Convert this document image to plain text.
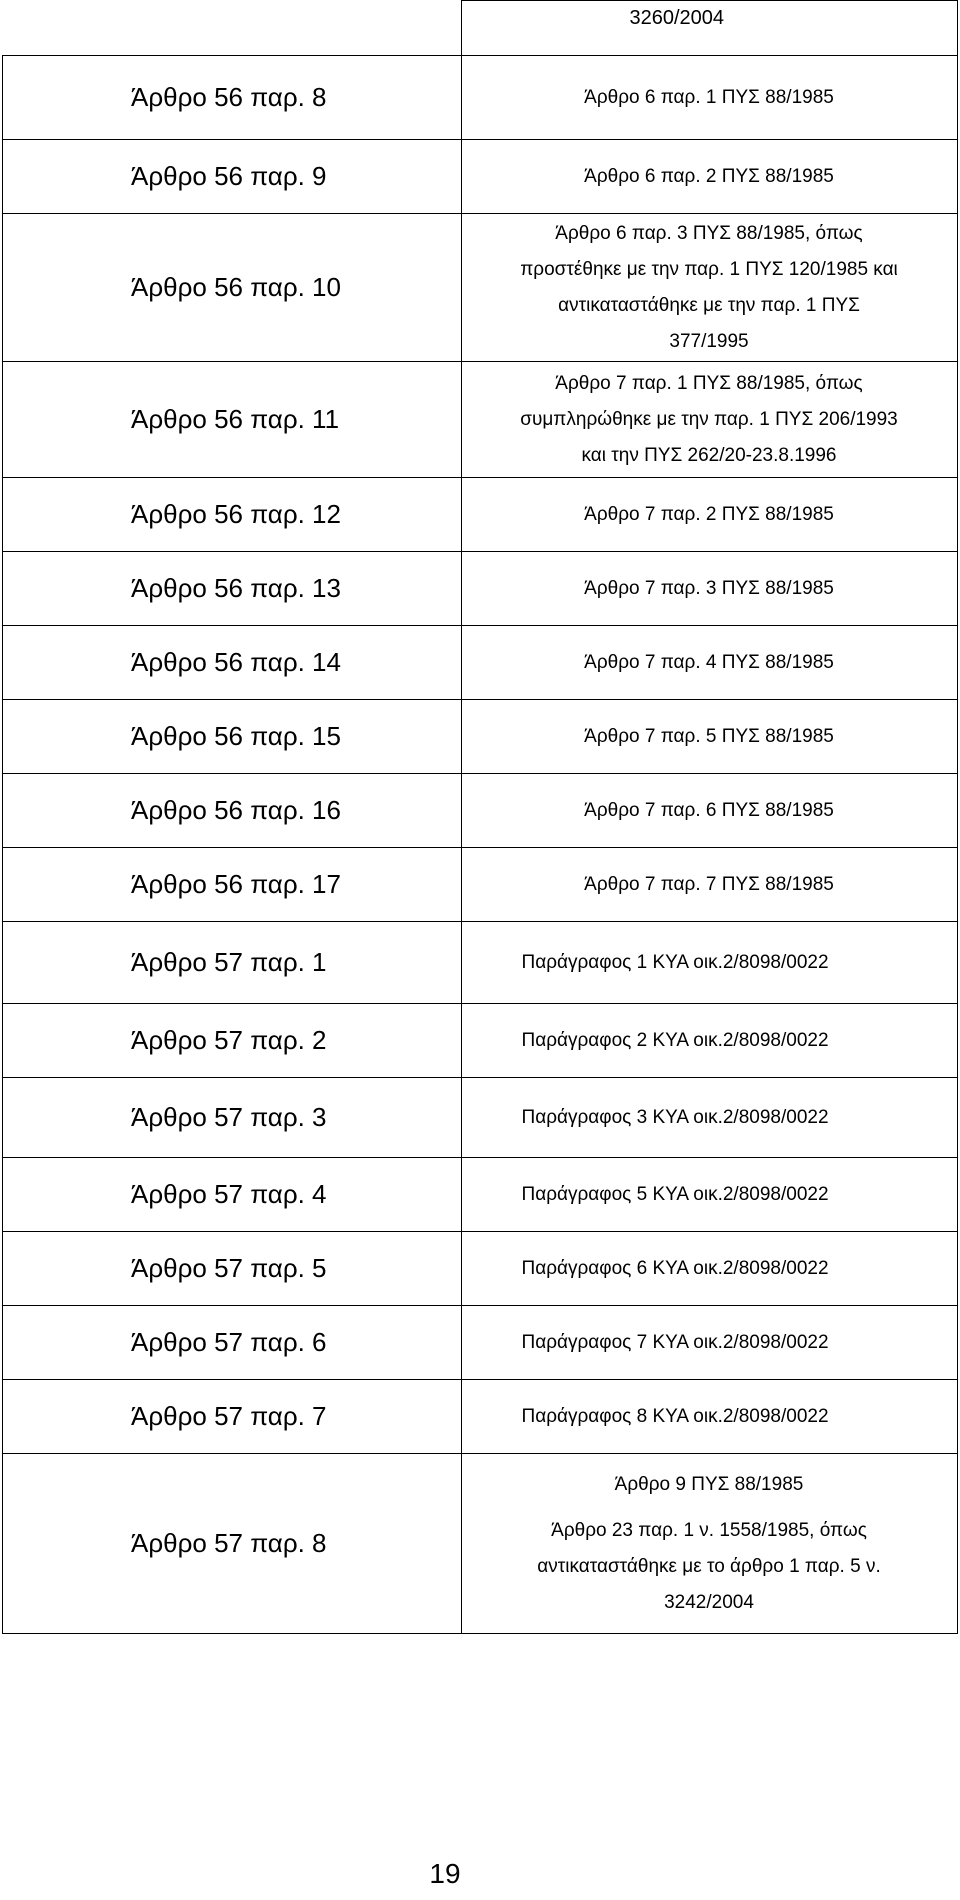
	3260/2004

Άρθρο 56 παρ. 8	Άρθρο 6 παρ. 1 ΠΥΣ 88/1985

Άρθρο 56 παρ. 9	Άρθρο 6 παρ. 2 ΠΥΣ 88/1985

Άρθρο 56 παρ. 10	Άρθρο 6 παρ. 3 ΠΥΣ 88/1985, όπως
προστέθηκε με την παρ. 1 ΠΥΣ 120/1985 και
αντικαταστάθηκε με την παρ. 1 ΠΥΣ
377/1995

Άρθρο 56 παρ. 11	Άρθρο 7 παρ. 1 ΠΥΣ 88/1985, όπως
συμπληρώθηκε με την παρ. 1 ΠΥΣ 206/1993
και την ΠΥΣ 262/20-23.8.1996

Άρθρο 56 παρ. 12	Άρθρο 7 παρ. 2 ΠΥΣ 88/1985

Άρθρο 56 παρ. 13	Άρθρο 7 παρ. 3 ΠΥΣ 88/1985

Άρθρο 56 παρ. 14	Άρθρο 7 παρ. 4 ΠΥΣ 88/1985

Άρθρο 56 παρ. 15	Άρθρο 7 παρ. 5 ΠΥΣ 88/1985

Άρθρο 56 παρ. 16	Άρθρο 7 παρ. 6 ΠΥΣ 88/1985

Άρθρο 56 παρ. 17	Άρθρο 7 παρ. 7 ΠΥΣ 88/1985

Άρθρο 57 παρ. 1	Παράγραφος 1 ΚΥΑ οικ.2/8098/0022

Άρθρο 57 παρ. 2	Παράγραφος 2 ΚΥΑ οικ.2/8098/0022

Άρθρο 57 παρ. 3	Παράγραφος 3 ΚΥΑ οικ.2/8098/0022

Άρθρο 57 παρ. 4	Παράγραφος 5 ΚΥΑ οικ.2/8098/0022

Άρθρο 57 παρ. 5	Παράγραφος 6 ΚΥΑ οικ.2/8098/0022

Άρθρο 57 παρ. 6	Παράγραφος 7 ΚΥΑ οικ.2/8098/0022

Άρθρο 57 παρ. 7	Παράγραφος 8 ΚΥΑ οικ.2/8098/0022

Άρθρο 57 παρ. 8	Άρθρο 9 ΠΥΣ 88/1985
Άρθρο 23 παρ. 1 ν. 1558/1985, όπως
αντικαταστάθηκε με το άρθρο 1 παρ. 5 ν.
3242/2004
19
